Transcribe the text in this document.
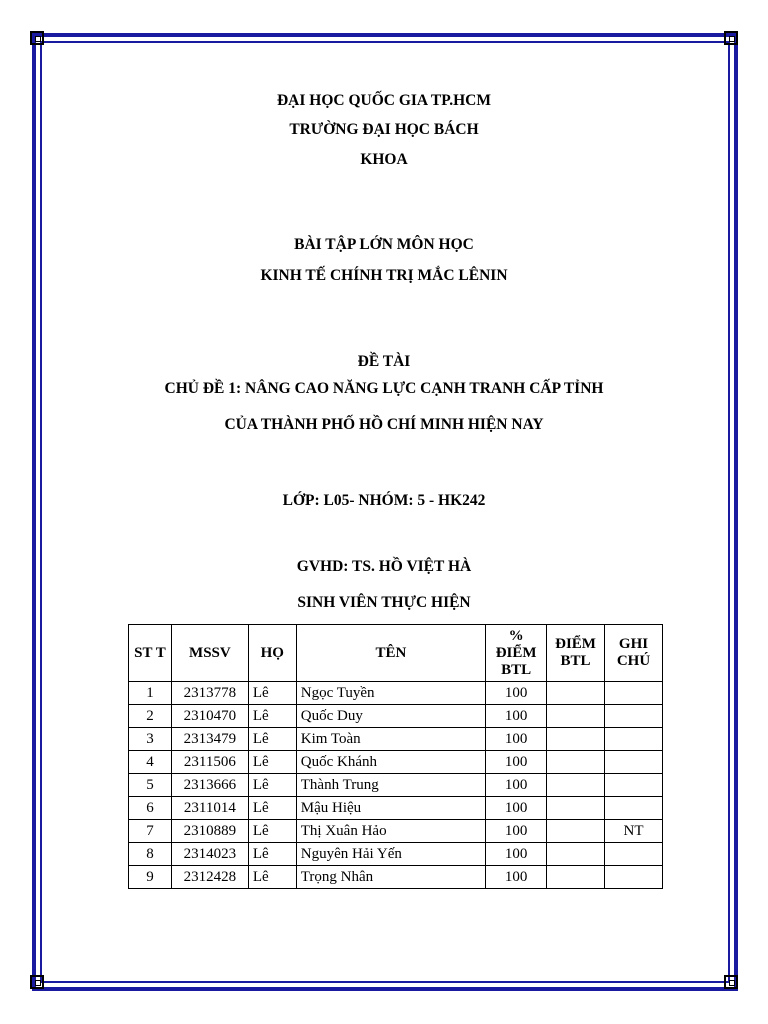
ĐẠI HỌC QUỐC GIA TP.HCM
TRƯỜNG ĐẠI HỌC BÁCH
KHOA
BÀI TẬP LỚN MÔN HỌC
KINH TẾ CHÍNH TRỊ MẮC LÊNIN
ĐỀ TÀI
CHỦ ĐỀ 1: NÂNG CAO NĂNG LỰC CẠNH TRANH CẤP TỈNH
CỦA THÀNH PHỐ HỒ CHÍ MINH HIỆN NAY
LỚP: L05- NHÓM: 5 - HK242
GVHD: TS. HỒ VIỆT HÀ
SINH VIÊN THỰC HIỆN
ST T	MSSV	HỌ	TÊN	% ĐIỂM BTL	ĐIỂM BTL	GHI CHÚ
1	2313778	Lê	Ngọc Tuyền	100		
2	2310470	Lê	Quốc Duy	100		
3	2313479	Lê	Kim Toàn	100		
4	2311506	Lê	Quốc Khánh	100		
5	2313666	Lê	Thành Trung	100		
6	2311014	Lê	Mậu Hiệu	100		
7	2310889	Lê	Thị Xuân Hảo	100		NT
8	2314023	Lê	Nguyên Hải Yến	100		
9	2312428	Lê	Trọng Nhân	100		
